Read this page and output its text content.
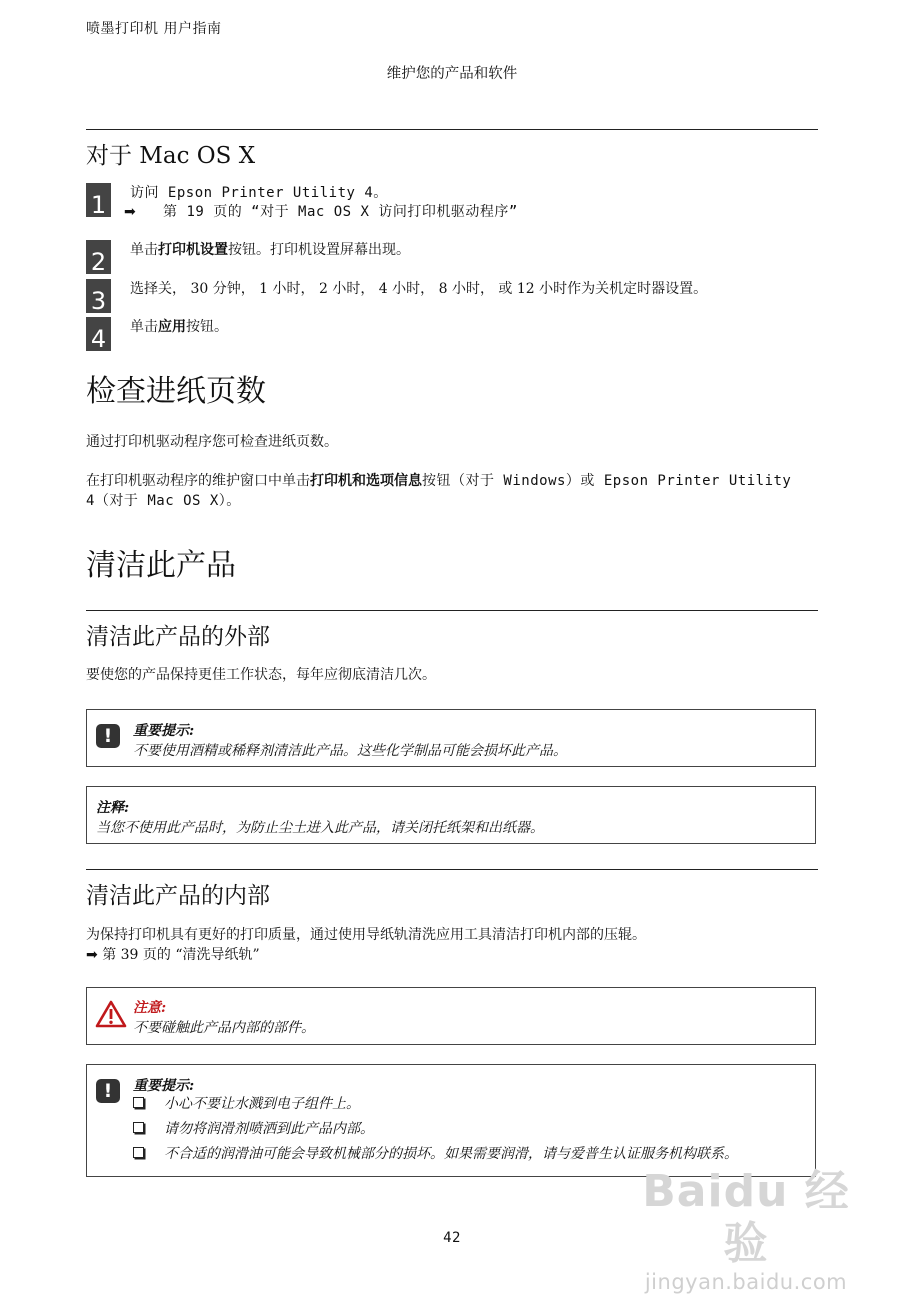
喷墨打印机 用户指南
维护您的产品和软件
对于 Mac OS X
1	访问 Epson Printer Utility 4。
➡ 第 19 页的 “对于 Mac OS X 访问打印机驱动程序”
2	单击打印机设置按钮。打印机设置屏幕出现。
3	选择关， 30 分钟， 1 小时， 2 小时， 4 小时， 8 小时， 或 12 小时作为关机定时器设置。
4	单击应用按钮。
检查进纸页数
通过打印机驱动程序您可检查进纸页数。
在打印机驱动程序的维护窗口中单击打印机和选项信息按钮（对于 Windows）或 Epson Printer Utility
4（对于 Mac OS X）。
清洁此产品
清洁此产品的外部
要使您的产品保持更佳工作状态，每年应彻底清洁几次。
!	重要提示:
不要使用酒精或稀释剂清洁此产品。这些化学制品可能会损坏此产品。
注释:
当您不使用此产品时，为防止尘土进入此产品，请关闭托纸架和出纸器。
清洁此产品的内部
为保持打印机具有更好的打印质量，通过使用导纸轨清洗应用工具清洁打印机内部的压辊。
➡ 第 39 页的 “清洗导纸轨”
注意:
不要碰触此产品内部的部件。
!	重要提示:
小心不要让水溅到电子组件上。
请勿将润滑剂喷洒到此产品内部。
不合适的润滑油可能会导致机械部分的损坏。如果需要润滑，请与爱普生认证服务机构联系。
Baidu 经验
jingyan.baidu.com
42
